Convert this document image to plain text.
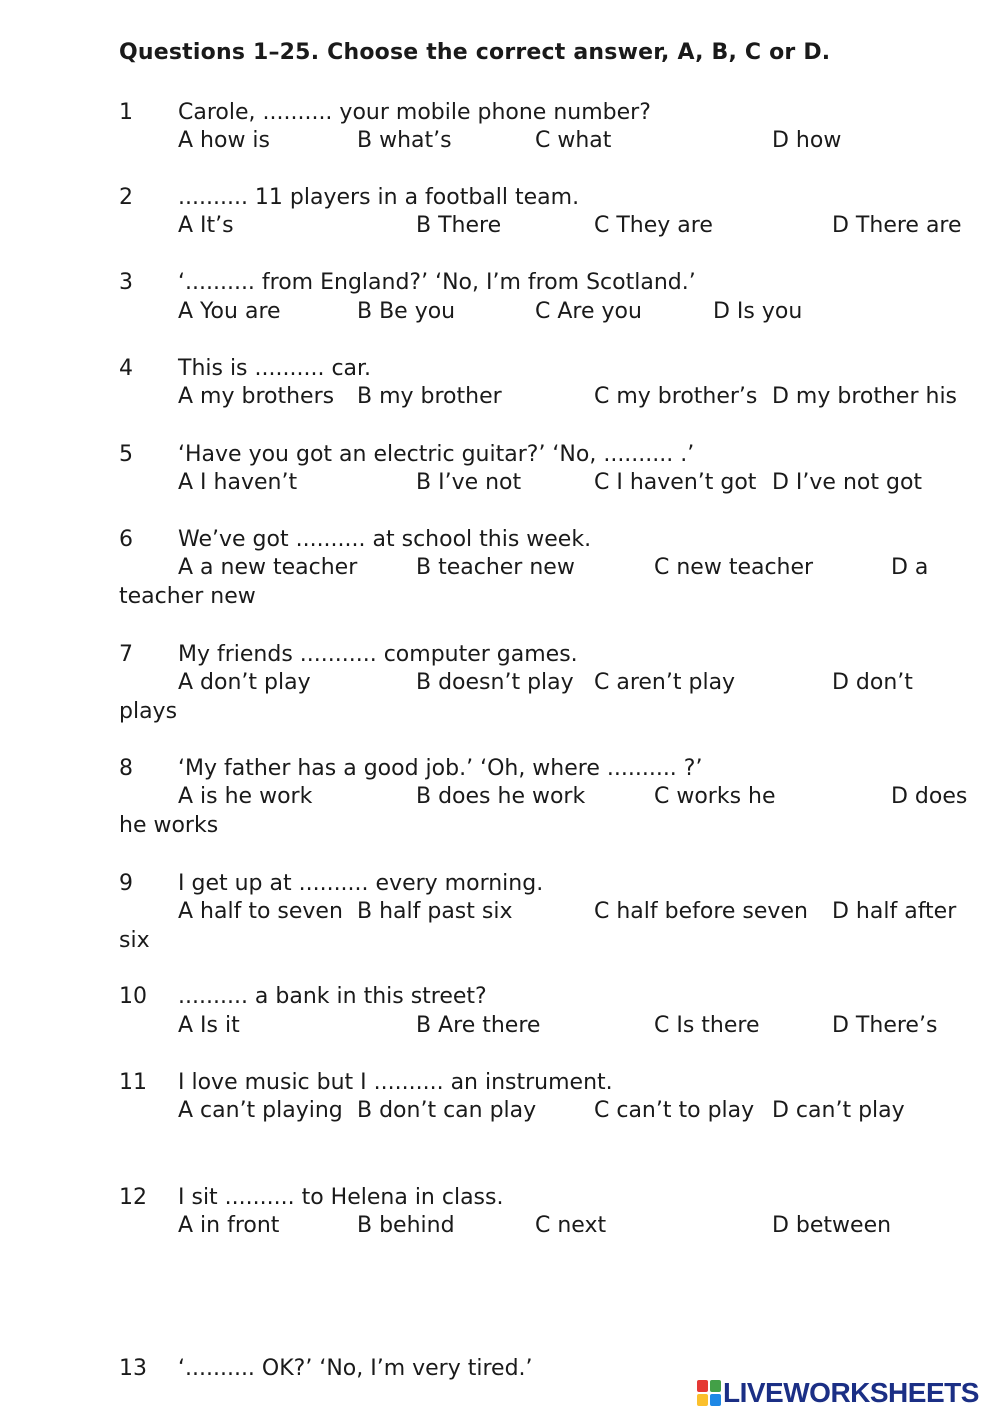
Questions 1–25. Choose the correct answer, A, B, C or D.
1 Carole, .......... your mobile phone number?
A how is	B what’s	C what	D how
2 .......... 11 players in a football team.
A It’s	B There	C They are	D There are
3 ‘.......... from England?’ ‘No, I’m from Scotland.’
A You are	B Be you	C Are you	D Is you
4 This is .......... car.
A my brothers B my brother	C my brother’s D my brother his
5 ‘Have you got an electric guitar?’ ‘No, .......... .’
A I haven’t	B I’ve not	C I haven’t got D I’ve not got
6 We’ve got .......... at school this week.
A a new teacher	B teacher new	C new teacher	D a
teacher new
7 My friends ........... computer games.
A don’t play	B doesn’t play C aren’t play	D don’t
plays
8 ‘My father has a good job.’ ‘Oh, where .......... ?’
A is he work	B does he work	C works he	D does
he works
9 I get up at .......... every morning.
A half to seven B half past six	C half before seven D half after
six
10 .......... a bank in this street?
A Is it	B Are there	C Is there	D There’s
11 I love music but I .......... an instrument.
A can’t playing B don’t can play	C can’t to play D can’t play
12 I sit .......... to Helena in class.
A in front	B behind	C next	D between
13 ‘.......... OK?’ ‘No, I’m very tired.’
LIVEWORKSHEETS
